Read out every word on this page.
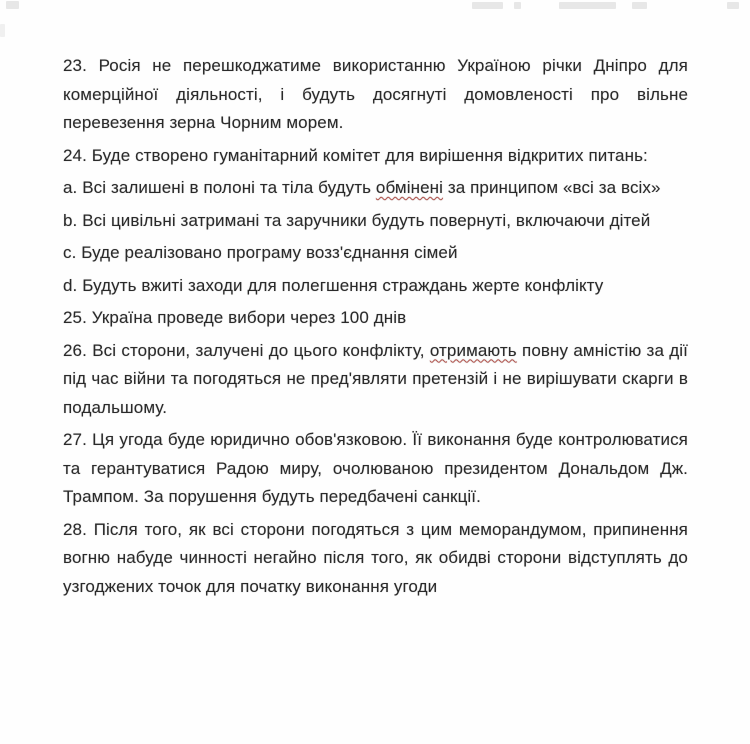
23. Росія не перешкоджатиме використанню Україною річки Дніпро для комерційної діяльності, і будуть досягнуті домовленості про вільне перевезення зерна Чорним морем.

24. Буде створено гуманітарний комітет для вирішення відкритих питань:

a. Всі залишені в полоні та тіла будуть обмінені за принципом «всі за всіх»

b. Всі цивільні затримані та заручники будуть повернуті, включаючи дітей

c. Буде реалізовано програму возз'єднання сімей

d. Будуть вжиті заходи для полегшення страждань жерте конфлікту

25. Україна проведе вибори через 100 днів

26. Всі сторони, залучені до цього конфлікту, отримають повну амністію за дії під час війни та погодяться не пред'являти претензій і не вирішувати скарги в подальшому.

27. Ця угода буде юридично обов'язковою. Її виконання буде контролюватися та герантуватися Радою миру, очолюваною президентом Дональдом Дж. Трампом. За порушення будуть передбачені санкції.

28. Після того, як всі сторони погодяться з цим меморандумом, припинення вогню набуде чинності негайно після того, як обидві сторони відступлять до узгоджених точок для початку виконання угоди
